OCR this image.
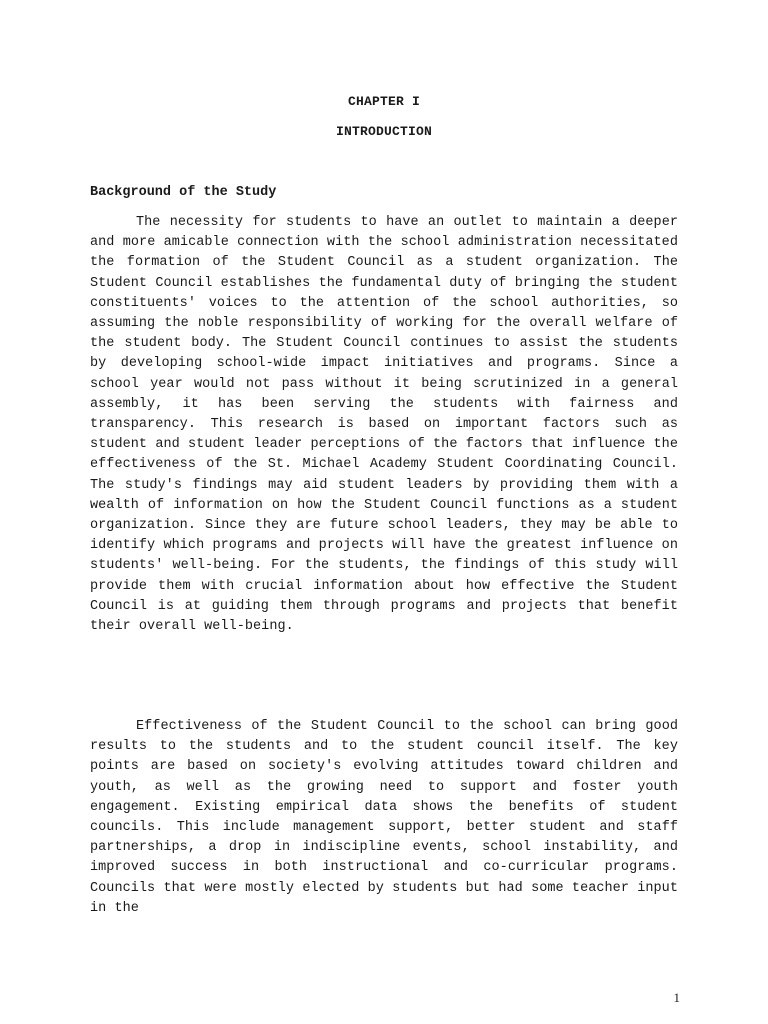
CHAPTER I
INTRODUCTION
Background of the Study

The necessity for students to have an outlet to maintain a deeper and more amicable connection with the school administration necessitated the formation of the Student Council as a student organization. The Student Council establishes the fundamental duty of bringing the student constituents' voices to the attention of the school authorities, so assuming the noble responsibility of working for the overall welfare of the student body. The Student Council continues to assist the students by developing school-wide impact initiatives and programs. Since a school year would not pass without it being scrutinized in a general assembly, it has been serving the students with fairness and transparency. This research is based on important factors such as student and student leader perceptions of the factors that influence the effectiveness of the St. Michael Academy Student Coordinating Council. The study's findings may aid student leaders by providing them with a wealth of information on how the Student Council functions as a student organization. Since they are future school leaders, they may be able to identify which programs and projects will have the greatest influence on students' well-being. For the students, the findings of this study will provide them with crucial information about how effective the Student Council is at guiding them through programs and projects that benefit their overall well-being.

Effectiveness of the Student Council to the school can bring good results to the students and to the student council itself. The key points are based on society's evolving attitudes toward children and youth, as well as the growing need to support and foster youth engagement. Existing empirical data shows the benefits of student councils. This include management support, better student and staff partnerships, a drop in indiscipline events, school instability, and improved success in both instructional and co-curricular programs. Councils that were mostly elected by students but had some teacher input in the

1
